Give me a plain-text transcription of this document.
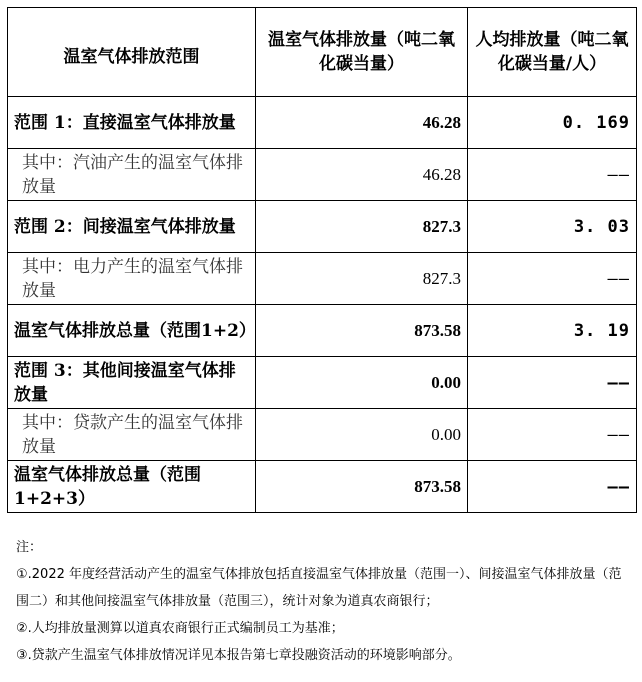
温室气体排放范围	温室气体排放量（吨二氧化碳当量）	人均排放量（吨二氧化碳当量/人）
范围 1：直接温室气体排放量	46.28	0. 169
其中：汽油产生的温室气体排放量	46.28	——
范围 2：间接温室气体排放量	827.3	3. 03
其中：电力产生的温室气体排放量	827.3	——
温室气体排放总量（范围1+2）	873.58	3. 19
范围 3：其他间接温室气体排放量	0.00	——
其中：贷款产生的温室气体排放量	0.00	——
温室气体排放总量（范围1+2+3）	873.58	——

注：

①.2022 年度经营活动产生的温室气体排放包括直接温室气体排放量（范围一）、间接温室气体排放量（范围二）和其他间接温室气体排放量（范围三），统计对象为道真农商银行；

②.人均排放量测算以道真农商银行正式编制员工为基准；

③.贷款产生温室气体排放情况详见本报告第七章投融资活动的环境影响部分。
